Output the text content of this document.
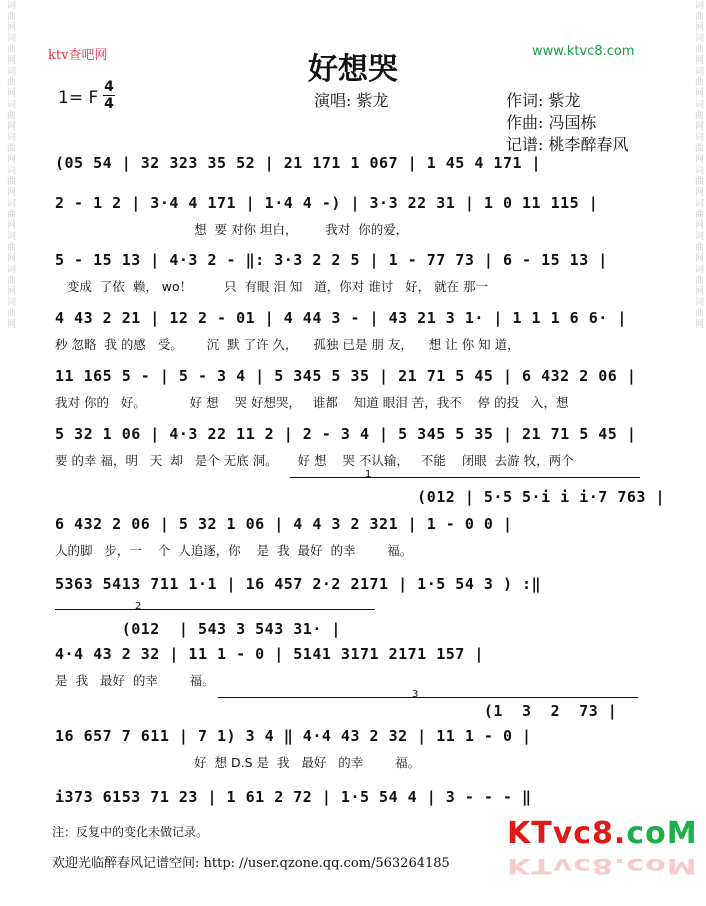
词曲网词曲网词曲网词曲网词曲网词曲网词曲网词曲网词曲网词曲网	词曲网词曲网词曲网词曲网词曲网词曲网词曲网词曲网词曲网词曲网
ktv查吧网	www.ktvc8.com
好想哭
1= F
4
4	演唱: 紫龙	作词: 紫龙
作曲: 冯国栋
记谱: 桃李醉春风
(05 54 | 32 323 35 52 | 21 171 1 067 | 1 45 4 171 |
2 - 1 2 | 3·4 4 171 | 1·4 4 -) | 3·3 22 31 | 1 0 11 115 |
想  要 对你 坦白，       我对  你的爱，
5 - 15 13 | 4·3 2 - ‖: 3·3 2 2 5 | 1 - 77 73 | 6 - 15 13 |
变成  了依  赖， wo！        只  有眼 泪 知   道，你对 谁讨   好， 就在 那一
4 43 2 21 | 12 2 - 01 | 4 44 3 - | 43 21 3 1· | 1 1 1 6 6· |
秒 忽略  我 的感   受。      沉  默 了许 久，    孤独 已是 朋 友，    想 让 你 知 道，
11 165 5 - | 5 - 3 4 | 5 345 5 35 | 21 71 5 45 | 6 432 2 06 |
我对 你的   好。           好 想    哭 好想哭，   谁都    知道 眼泪 苦，我不    停 的投   入，想
5 32 1 06 | 4·3 22 11 2 | 2 - 3 4 | 5 345 5 35 | 21 71 5 45 |
要 的幸 福，明   天  却   是个 无底 洞。     好 想    哭 不认输，   不能    闭眼  去游 牧，两个
1
(012 | 5·5 5·i i i·7 763 |
6 432 2 06 | 5 32 1 06 | 4 4 3 2 321 | 1 - 0 0 |
人的脚   步，一    个  人追逐，你    是  我  最好  的幸        福。
5363 5413 711 1·1 | 16 457 2·2 2171 | 1·5 54 3 ) :‖
2
(012  | 543 3 543 31· |
4·4 43 2 32 | 11 1 - 0 | 5141 3171 2171 157 |
是  我   最好  的幸        福。
3
(1  3  2  73 |
16 657 7 611 | 7 1) 3 4 ‖ 4·4 43 2 32 | 11 1 - 0 |
好  想 D.S 是  我   最好   的幸        福。
i373 6153 71 23 | 1 61 2 72 | 1·5 54 4 | 3 - - - ‖
注：反复中的变化未做记录。
欢迎光临醉春风记谱空间: http: //user.qzone.qq.com/563264185
KTvc8.coM
KTvc8.coM
